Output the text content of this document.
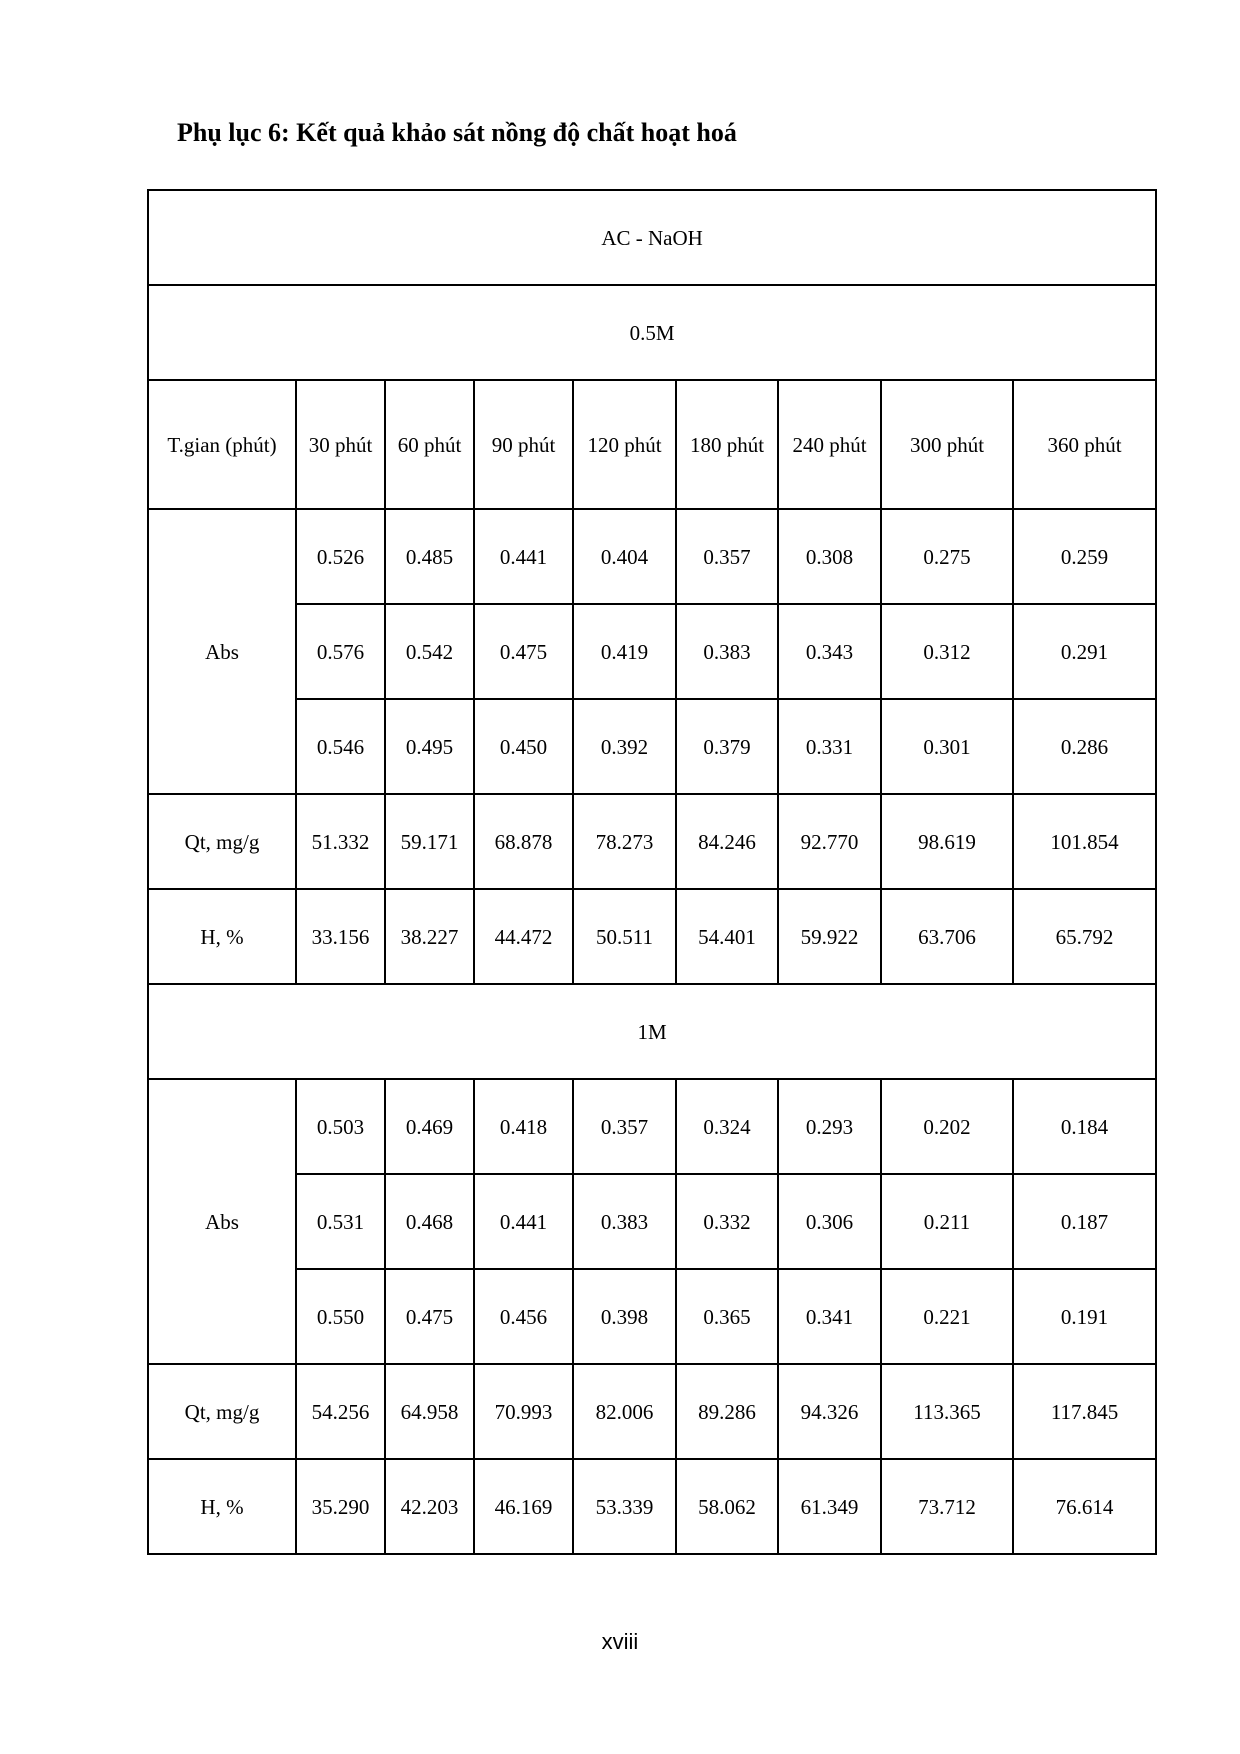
Phụ lục 6: Kết quả khảo sát nồng độ chất hoạt hoá
AC - NaOH								
0.5M								
T.gian (phút)	30 phút	60 phút	90 phút	120 phút	180 phút	240 phút	300 phút	360 phút
Abs	0.526	0.485	0.441	0.404	0.357	0.308	0.275	0.259
	0.576	0.542	0.475	0.419	0.383	0.343	0.312	0.291
	0.546	0.495	0.450	0.392	0.379	0.331	0.301	0.286
Qt, mg/g	51.332	59.171	68.878	78.273	84.246	92.770	98.619	101.854
H, %	33.156	38.227	44.472	50.511	54.401	59.922	63.706	65.792
1M								
Abs	0.503	0.469	0.418	0.357	0.324	0.293	0.202	0.184
	0.531	0.468	0.441	0.383	0.332	0.306	0.211	0.187
	0.550	0.475	0.456	0.398	0.365	0.341	0.221	0.191
Qt, mg/g	54.256	64.958	70.993	82.006	89.286	94.326	113.365	117.845
H, %	35.290	42.203	46.169	53.339	58.062	61.349	73.712	76.614
xviii
